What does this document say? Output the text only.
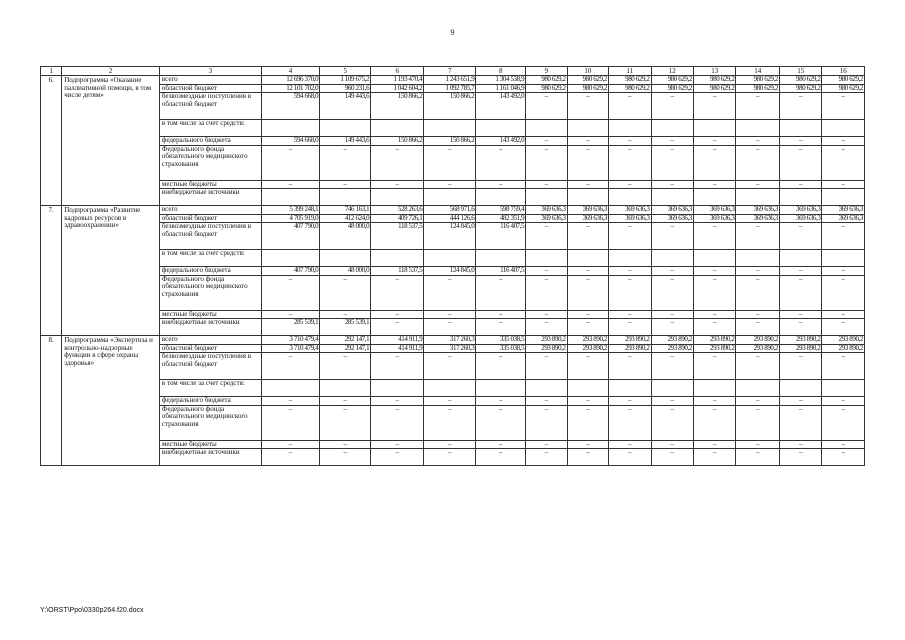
9
1	2	3	4	5	6	7	8	9	10	11	12	13	14	15	16
6.	Подпрограмма «Оказание паллиативной помощи, в том числе детям»	всего	12 696 370,0	1 109 675,2	1 193 470,4	1 243 651,9	1 304 538,9	980 629,2	980 629,2	980 629,2	980 629,2	980 629,2	980 629,2	980 629,2	980 629,2
		областной бюджет	12 101 702,0	960 231,6	1 042 604,2	1 092 785,7	1 161 046,9	980 629,2	980 629,2	980 629,2	980 629,2	980 629,2	980 629,2	980 629,2	980 629,2
		безвозмездные поступления в областной бюджет	594 668,0	149 443,6	150 866,2	150 866,2	143 492,0	–	–	–	–	–	–	–	–
		в том числе за счет средств:													
		федерального бюджета	594 668,0	149 443,6	150 866,2	150 866,2	143 492,0	–	–	–	–	–	–	–	–
		Федерального фонда обязательного медицинского страхования	–	–	–	–	–	–	–	–	–	–	–	–	–
		местные бюджеты	–	–	–	–	–	–	–	–	–	–	–	–	–
		внебюджетные источники													
7.	Подпрограмма «Развитие кадровых ресурсов в здравоохранении»	всего	5 399 248,1	746 163,1	528 263,6	568 971,6	598 759,4	369 636,3	369 636,3	369 636,3	369 636,3	369 636,3	369 636,3	369 636,3	369 636,3
		областной бюджет	4 705 919,0	412 624,0	409 726,1	444 126,6	482 351,9	369 636,3	369 636,3	369 636,3	369 636,3	369 636,3	369 636,3	369 636,3	369 636,3
		безвозмездные поступления в областной бюджет	407 790,0	48 000,0	118 537,5	124 845,0	116 407,5	–	–	–	–	–	–	–	–
		в том числе за счет средств:													
		федерального бюджета	407 790,0	48 000,0	118 537,5	124 845,0	116 407,5	–	–	–	–	–	–	–	–
		Федерального фонда обязательного медицинского страхования	–	–	–	–	–	–	–	–	–	–	–	–	–
		местные бюджеты	–	–	–	–	–	–	–	–	–	–	–	–	–
		внебюджетные источники	285 539,1	285 539,1	–	–	–	–	–	–	–	–	–	–	–
8.	Подпрограмма «Экспертиза и контрольно-надзорные функции в сфере охраны здоровья»	всего	3 710 479,4	292 147,1	414 911,9	317 260,3	335 038,5	293 890,2	293 890,2	293 890,2	293 890,2	293 890,2	293 890,2	293 890,2	293 890,2
		областной бюджет	3 710 479,4	292 147,1	414 911,9	317 260,3	335 038,5	293 890,2	293 890,2	293 890,2	293 890,2	293 890,2	293 890,2	293 890,2	293 890,2
		безвозмездные поступления в областной бюджет	–	–	–	–	–	–	–	–	–	–	–	–	–
		в том числе за счет средств:													
		федерального бюджета	–	–	–	–	–	–	–	–	–	–	–	–	–
		Федерального фонда обязательного медицинского страхования	–	–	–	–	–	–	–	–	–	–	–	–	–
		местные бюджеты	–	–	–	–	–	–	–	–	–	–	–	–	–
		внебюджетные источники	–	–	–	–	–	–	–	–	–	–	–	–	–
Y:\ORST\Ppo\0330p264.f20.docx
